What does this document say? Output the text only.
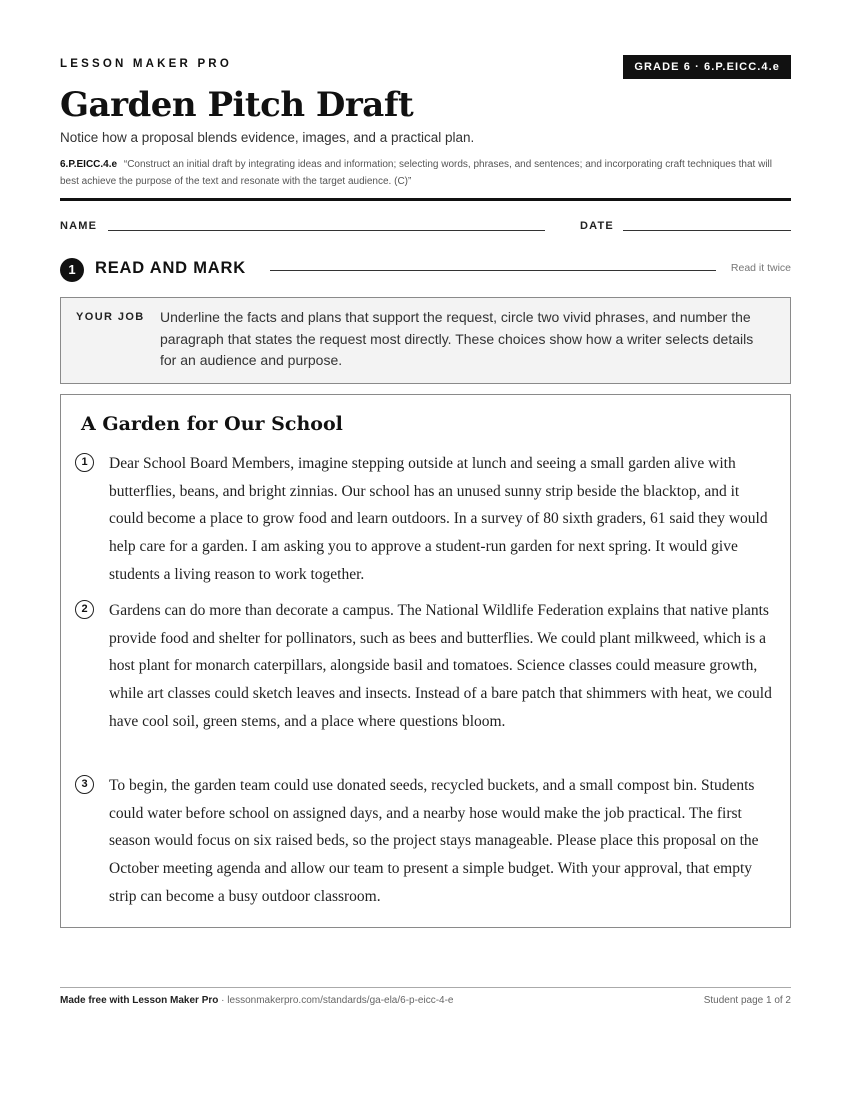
LESSON MAKER PRO	GRADE 6 · 6.P.EICC.4.e
Garden Pitch Draft
Notice how a proposal blends evidence, images, and a practical plan.
6.P.EICC.4.e “Construct an initial draft by integrating ideas and information; selecting words, phrases, and sentences; and incorporating craft techniques that will best achieve the purpose of the text and resonate with the target audience. (C)”
NAME	DATE
1	READ AND MARK	Read it twice
YOUR JOB Underline the facts and plans that support the request, circle two vivid phrases, and number the paragraph that states the request most directly. These choices show how a writer selects details for an audience and purpose.
A Garden for Our School
1	Dear School Board Members, imagine stepping outside at lunch and seeing a small garden alive with butterflies, beans, and bright zinnias. Our school has an unused sunny strip beside the blacktop, and it could become a place to grow food and learn outdoors. In a survey of 80 sixth graders, 61 said they would help care for a garden. I am asking you to approve a student-run garden for next spring. It would give students a living reason to work together.

2	Gardens can do more than decorate a campus. The National Wildlife Federation explains that native plants provide food and shelter for pollinators, such as bees and butterflies. We could plant milkweed, which is a host plant for monarch caterpillars, alongside basil and tomatoes. Science classes could measure growth, while art classes could sketch leaves and insects. Instead of a bare patch that shimmers with heat, we could have cool soil, green stems, and a place where questions bloom.

3	To begin, the garden team could use donated seeds, recycled buckets, and a small compost bin. Students could water before school on assigned days, and a nearby hose would make the job practical. The first season would focus on six raised beds, so the project stays manageable. Please place this proposal on the October meeting agenda and allow our team to present a simple budget. With your approval, that empty strip can become a busy outdoor classroom.

Made free with Lesson Maker Pro · lessonmakerpro.com/standards/ga-ela/6-p-eicc-4-e	Student page 1 of 2
